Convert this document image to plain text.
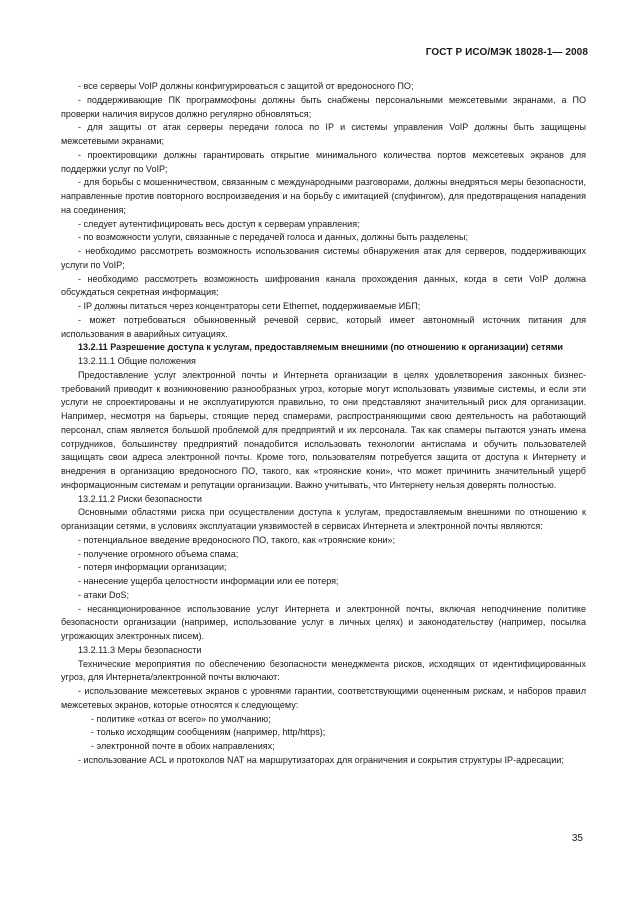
ГОСТ Р ИСО/МЭК 18028-1— 2008

- все серверы VoIP должны конфигурироваться с защитой от вредоносного ПО;

- поддерживающие ПК программофоны должны быть снабжены персональными межсетевыми экранами, а ПО проверки наличия вирусов должно регулярно обновляться;

- для защиты от атак серверы передачи голоса по IP и системы управления VoIP должны быть защищены межсетевыми экранами;

- проектировщики должны гарантировать открытие минимального количества портов межсетевых экранов для поддержки услуг по VoIP;

- для борьбы с мошенничеством, связанным с международными разговорами, должны внедряться меры безопасности, направленные против повторного воспроизведения и на борьбу с имитацией (спуфингом), для предотвращения нападения на соединения;

- следует аутентифицировать весь доступ к серверам управления;

- по возможности услуги, связанные с передачей голоса и данных, должны быть разделены;

- необходимо рассмотреть возможность использования системы обнаружения атак для серверов, поддерживающих услуги по VoIP;

- необходимо рассмотреть возможность шифрования канала прохождения данных, когда в сети VoIP должна обсуждаться секретная информация;

- IP должны питаться через концентраторы сети Ethernet, поддерживаемые ИБП;

- может потребоваться обыкновенный речевой сервис, который имеет автономный источник питания для использования в аварийных ситуациях.

13.2.11 Разрешение доступа к услугам, предоставляемым внешними (по отношению к организации) сетями

13.2.11.1 Общие положения

Предоставление услуг электронной почты и Интернета организации в целях удовлетворения законных бизнес-требований приводит к возникновению разнообразных угроз, которые могут использовать уязвимые системы, и если эти услуги не спроектированы и не эксплуатируются правильно, то они представляют значительный риск для организации. Например, несмотря на барьеры, стоящие перед спамерами, распространяющими свою деятельность на работающий персонал, спам является большой проблемой для предприятий и их персонала. Так как спамеры пытаются узнать имена сотрудников, большинству предприятий понадобится использовать технологии антиспама и обучить пользователей защищать свои адреса электронной почты. Кроме того, пользователям потребуется защита от доступа к Интернету и внедрения в организацию вредоносного ПО, такого, как «троянские кони», что может причинить значительный ущерб информационным системам и репутации организации. Важно учитывать, что Интернету нельзя доверять полностью.

13.2.11.2 Риски безопасности

Основными областями риска при осуществлении доступа к услугам, предоставляемым внешними по отношению к организации сетями, в условиях эксплуатации уязвимостей в сервисах Интернета и электронной почты являются:

- потенциальное введение вредоносного ПО, такого, как «троянские кони»;

- получение огромного объема спама;

- потеря информации организации;

- нанесение ущерба целостности информации или ее потеря;

- атаки DoS;

- несанкционированное использование услуг Интернета и электронной почты, включая неподчинение политике безопасности организации (например, использование услуг в личных целях) и законодательству (например, посылка угрожающих электронных писем).

13.2.11.3 Меры безопасности

Технические мероприятия по обеспечению безопасности менеджмента рисков, исходящих от идентифицированных угроз, для Интернета/электронной почты включают:

- использование межсетевых экранов с уровнями гарантии, соответствующими оцененным рискам, и наборов правил межсетевых экранов, которые относятся к следующему:

- политике «отказ от всего» по умолчанию;

- только исходящим сообщениям (например, http/https);

- электронной почте в обоих направлениях;

- использование ACL и протоколов NAT на маршрутизаторах для ограничения и сокрытия структуры IP-адресации;

35
